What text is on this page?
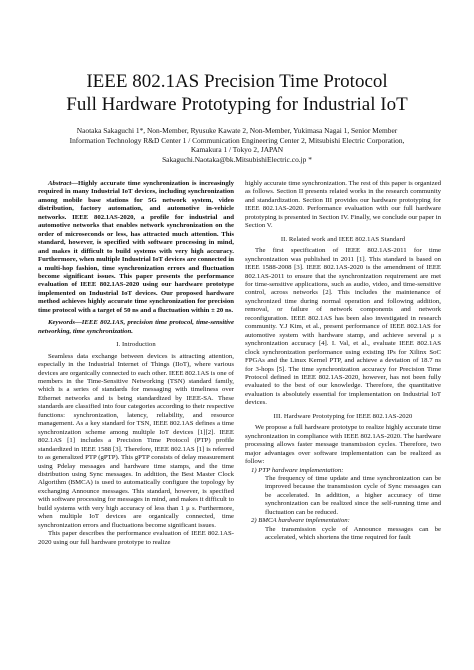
IEEE 802.1AS Precision Time Protocol
Full Hardware Prototyping for Industrial IoT
Naotaka Sakaguchi 1*, Non-Member, Ryusuke Kawate 2, Non-Member, Yukimasa Nagai 1, Senior Member
Information Technology R&D Center 1 / Communication Engineering Center 2, Mitsubishi Electric Corporation,
Kamakura 1 / Tokyo 2, JAPAN
Sakaguchi.Naotaka@bk.MitsubishiElectric.co.jp *

Abstract—Highly accurate time synchronization is increasingly required in many Industrial IoT devices, including synchronization among mobile base stations for 5G network system, video distribution, factory automation, and automotive in-vehicle networks. IEEE 802.1AS-2020, a profile for industrial and automotive networks that enables network synchronization on the order of microseconds or less, has attracted much attention. This standard, however, is specified with software processing in mind, and makes it difficult to build systems with very high accuracy. Furthermore, when multiple Industrial IoT devices are connected in a multi-hop fashion, time synchronization errors and fluctuation become significant issues. This paper presents the performance evaluation of IEEE 802.1AS-2020 using our hardware prototype implemented on Industrial IoT devices. Our proposed hardware method achieves highly accurate time synchronization for precision time protocol with a target of 50 ns and a fluctuation within ± 20 ns.

Keywords—IEEE 802.1AS, precision time protocol, time-sensitive networking, time synchronization.

I. Introduction

Seamless data exchange between devices is attracting attention, especially in the Industrial Internet of Things (IIoT), where various devices are organically connected to each other. IEEE 802.1AS is one of members in the Time-Sensitive Networking (TSN) standard family, which is a series of standards for messaging with timeliness over Ethernet networks and is being standardized by IEEE-SA. These standards are classified into four categories according to their respective functions: synchronization, latency, reliability, and resource management. As a key standard for TSN, IEEE 802.1AS defines a time synchronization scheme among multiple IoT devices [1][2]. IEEE 802.1AS [1] includes a Precision Time Protocol (PTP) profile standardized in IEEE 1588 [3]. Therefore, IEEE 802.1AS [1] is referred to as generalized PTP (gPTP). This gPTP consists of delay measurement using Pdelay messages and hardware time stamps, and the time distribution using Sync messages. In addition, the Best Master Clock Algorithm (BMCA) is used to automatically configure the topology by exchanging Announce messages. This standard, however, is specified with software processing for messages in mind, and makes it difficult to build systems with very high accuracy of less than 1 μ s. Furthermore, when multiple IoT devices are organically connected, time synchronization errors and fluctuations become significant issues.

This paper describes the performance evaluation of IEEE 802.1AS-2020 using our full hardware prototype to realize

highly accurate time synchronization. The rest of this paper is organized as follows. Section II presents related works in the research community and standardization. Section III provides our hardware prototyping for IEEE 802.1AS-2020. Performance evaluation with our full hardware prototyping is presented in Section IV. Finally, we conclude our paper in Section V.

II. Related work and IEEE 802.1AS Standard

The first specification of IEEE 802.1AS-2011 for time synchronization was published in 2011 [1]. This standard is based on IEEE 1588-2008 [3]. IEEE 802.1AS-2020 is the amendment of IEEE 802.1AS-2011 to ensure that the synchronization requirement are met for time-sensitive applications, such as audio, video, and time-sensitive control, across networks [2]. This includes the maintenance of synchronized time during normal operation and following addition, removal, or failure of network components and network reconfiguration. IEEE 802.1AS has been also investigated in research community. Y.J Kim, et al., present performance of IEEE 802.1AS for automotive system with hardware stamp, and achieve several μ s synchronization accuracy [4]. I. Val, et al., evaluate IEEE 802.1AS clock synchronization performance using existing IPs for Xilinx SoC FPGAs and the Linux Kernel PTP, and achieve a deviation of 18.7 ns for 3-hops [5]. The time synchronization accuracy for Precision Time Protocol defined in IEEE 802.1AS-2020, however, has not been fully evaluated to the best of our knowledge. Therefore, the quantitative evaluation is absolutely essential for implementation on Industrial IoT devices.

III. Hardware Prototyping for IEEE 802.1AS-2020

We propose a full hardware prototype to realize highly accurate time synchronization in compliance with IEEE 802.1AS-2020. The hardware processing allows faster message transmission cycles. Therefore, two major advantages over software implementation can be realized as follow:

1) PTP hardware implementation:

The frequency of time update and time synchronization can be improved because the transmission cycle of Sync messages can be accelerated. In addition, a higher accuracy of time synchronization can be realized since the self-running time and fluctuation can be reduced.

2) BMCA hardware implementation:

The transmission cycle of Announce messages can be accelerated, which shortens the time required for fault
